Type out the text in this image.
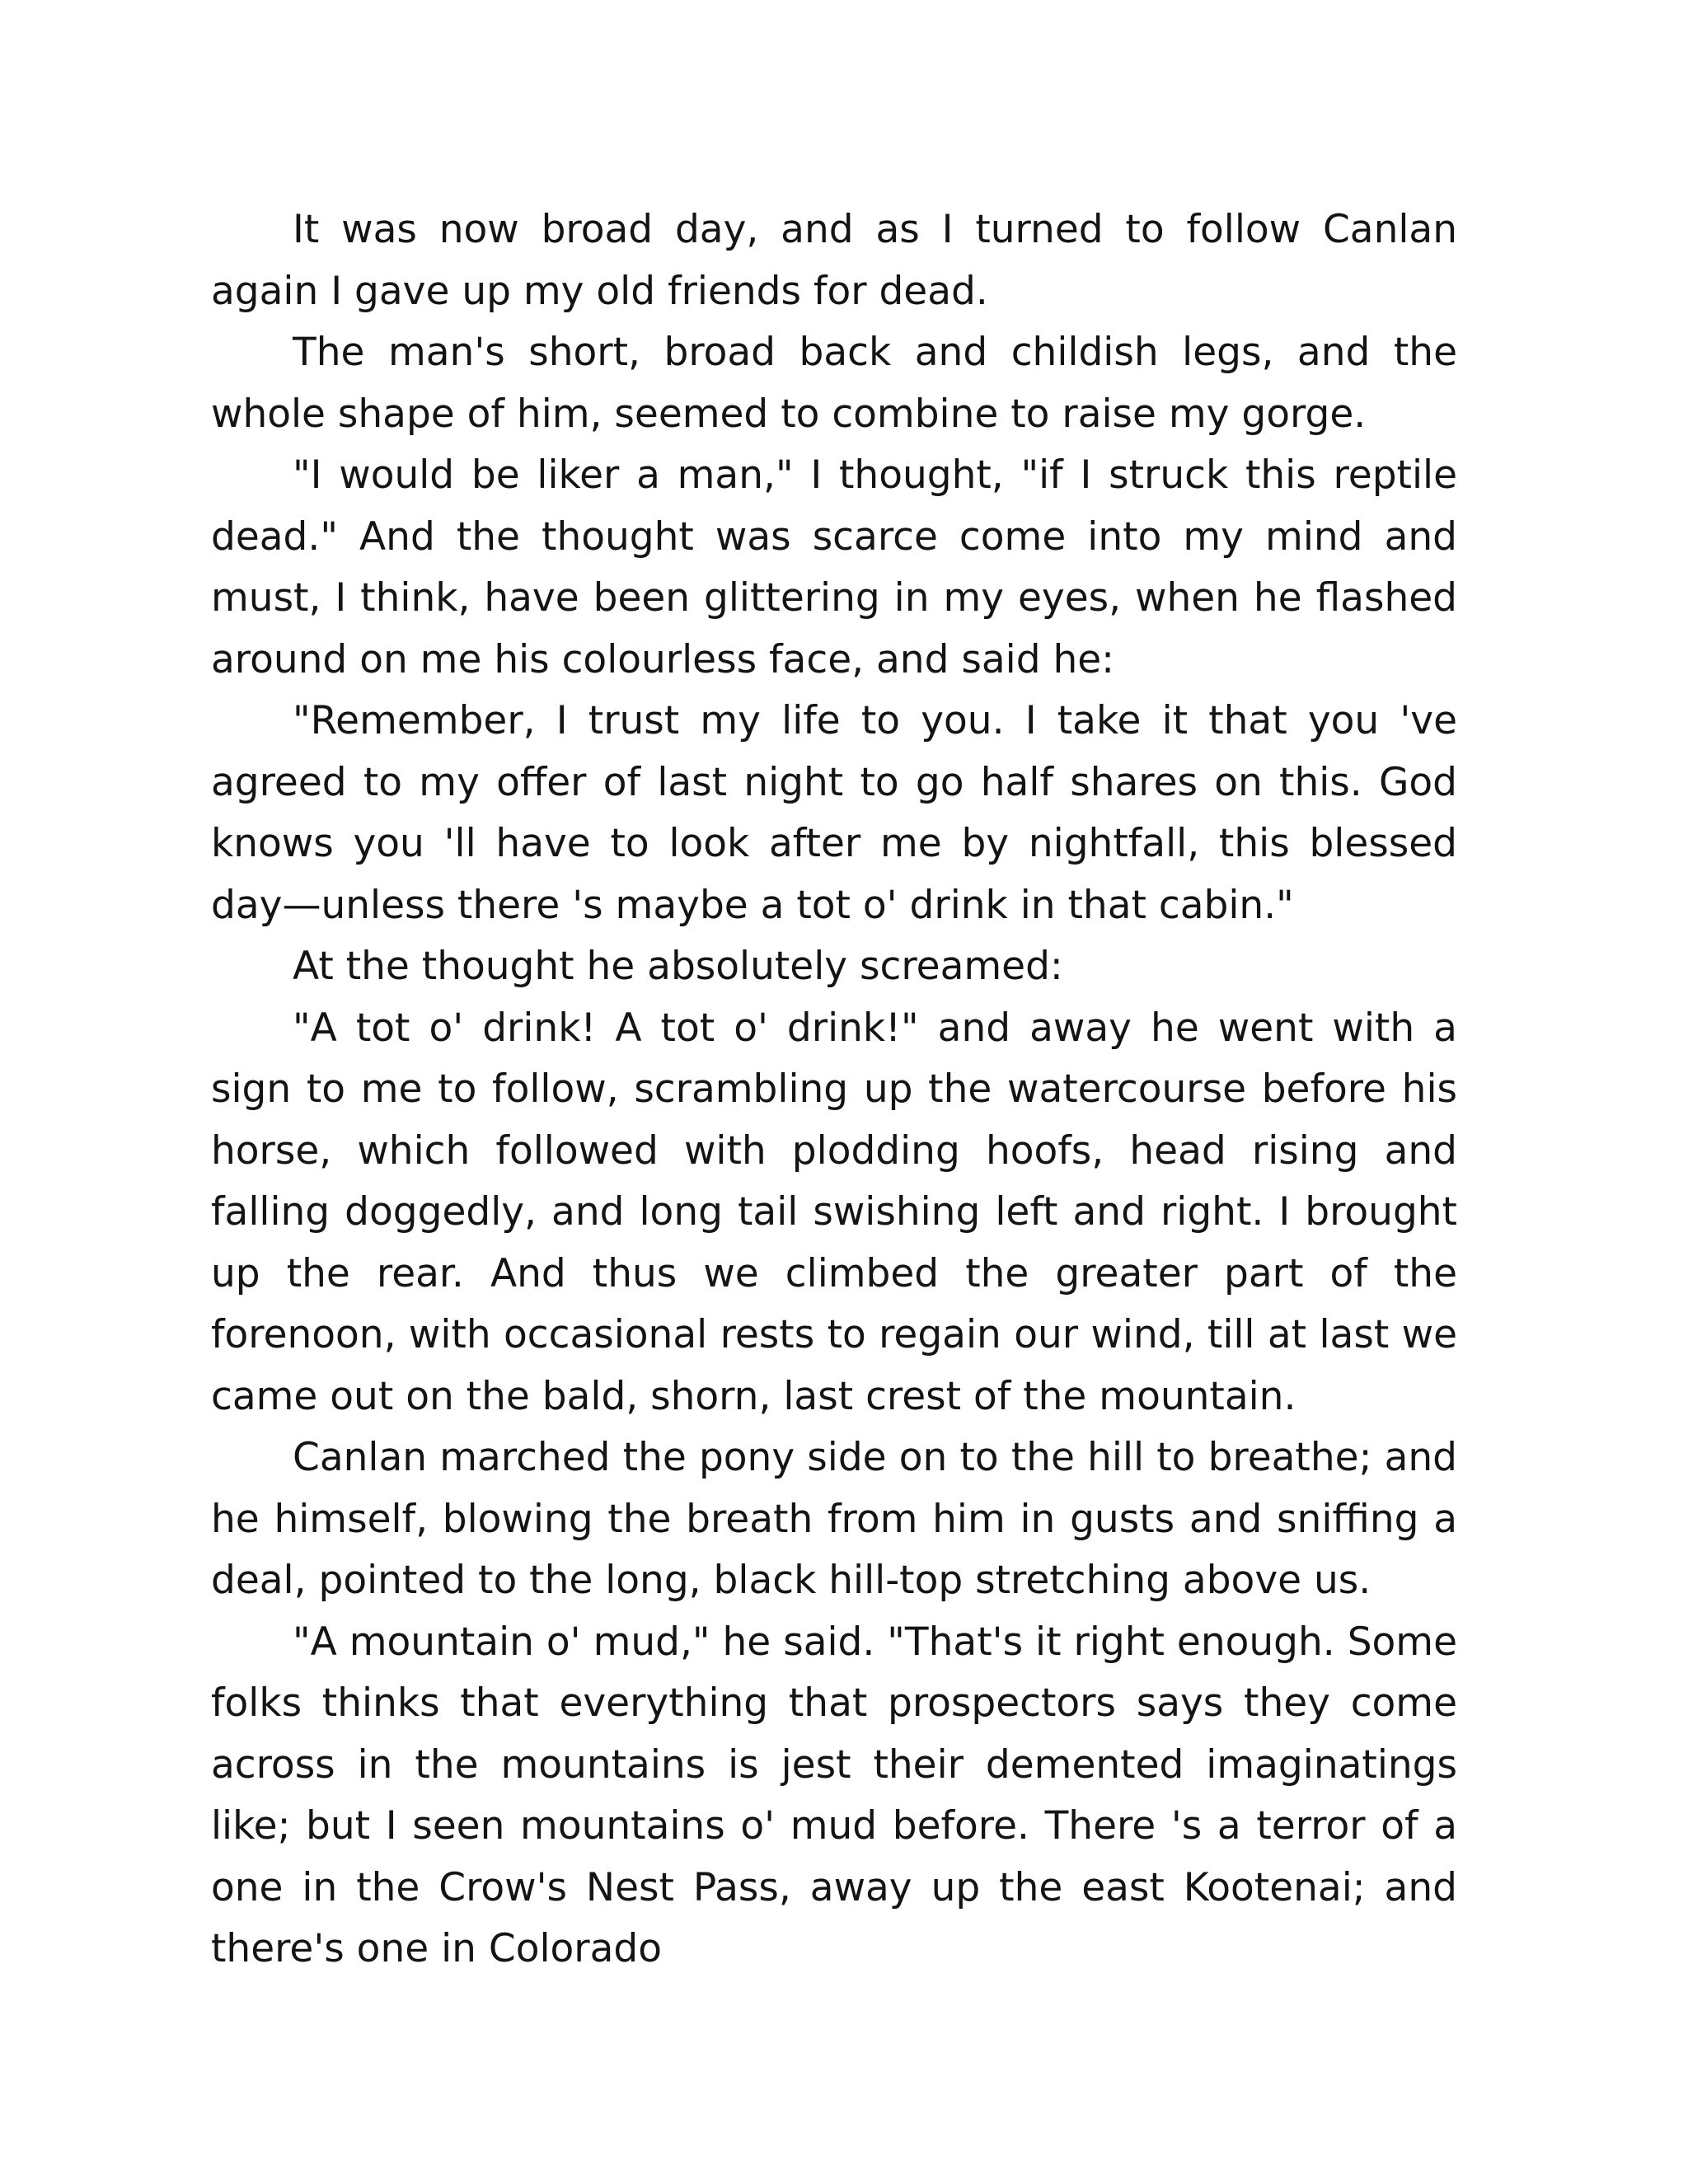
It was now broad day, and as I turned to follow Canlan again I gave up my old friends for dead.

The man's short, broad back and childish legs, and the whole shape of him, seemed to combine to raise my gorge.

"I would be liker a man," I thought, "if I struck this reptile dead." And the thought was scarce come into my mind and must, I think, have been glittering in my eyes, when he flashed around on me his colourless face, and said he:

"Remember, I trust my life to you. I take it that you 've agreed to my offer of last night to go half shares on this. God knows you 'll have to look after me by nightfall, this blessed day—unless there 's maybe a tot o' drink in that cabin."

At the thought he absolutely screamed:

"A tot o' drink! A tot o' drink!" and away he went with a sign to me to follow, scrambling up the watercourse before his horse, which followed with plodding hoofs, head rising and falling doggedly, and long tail swishing left and right. I brought up the rear. And thus we climbed the greater part of the forenoon, with occasional rests to regain our wind, till at last we came out on the bald, shorn, last crest of the mountain.

Canlan marched the pony side on to the hill to breathe; and he himself, blowing the breath from him in gusts and sniffing a deal, pointed to the long, black hill-top stretching above us.

"A mountain o' mud," he said. "That's it right enough. Some folks thinks that everything that prospectors says they come across in the mountains is jest their demented imaginatings like; but I seen mountains o' mud before. There 's a terror of a one in the Crow's Nest Pass, away up the east Kootenai; and there's one in Colorado
